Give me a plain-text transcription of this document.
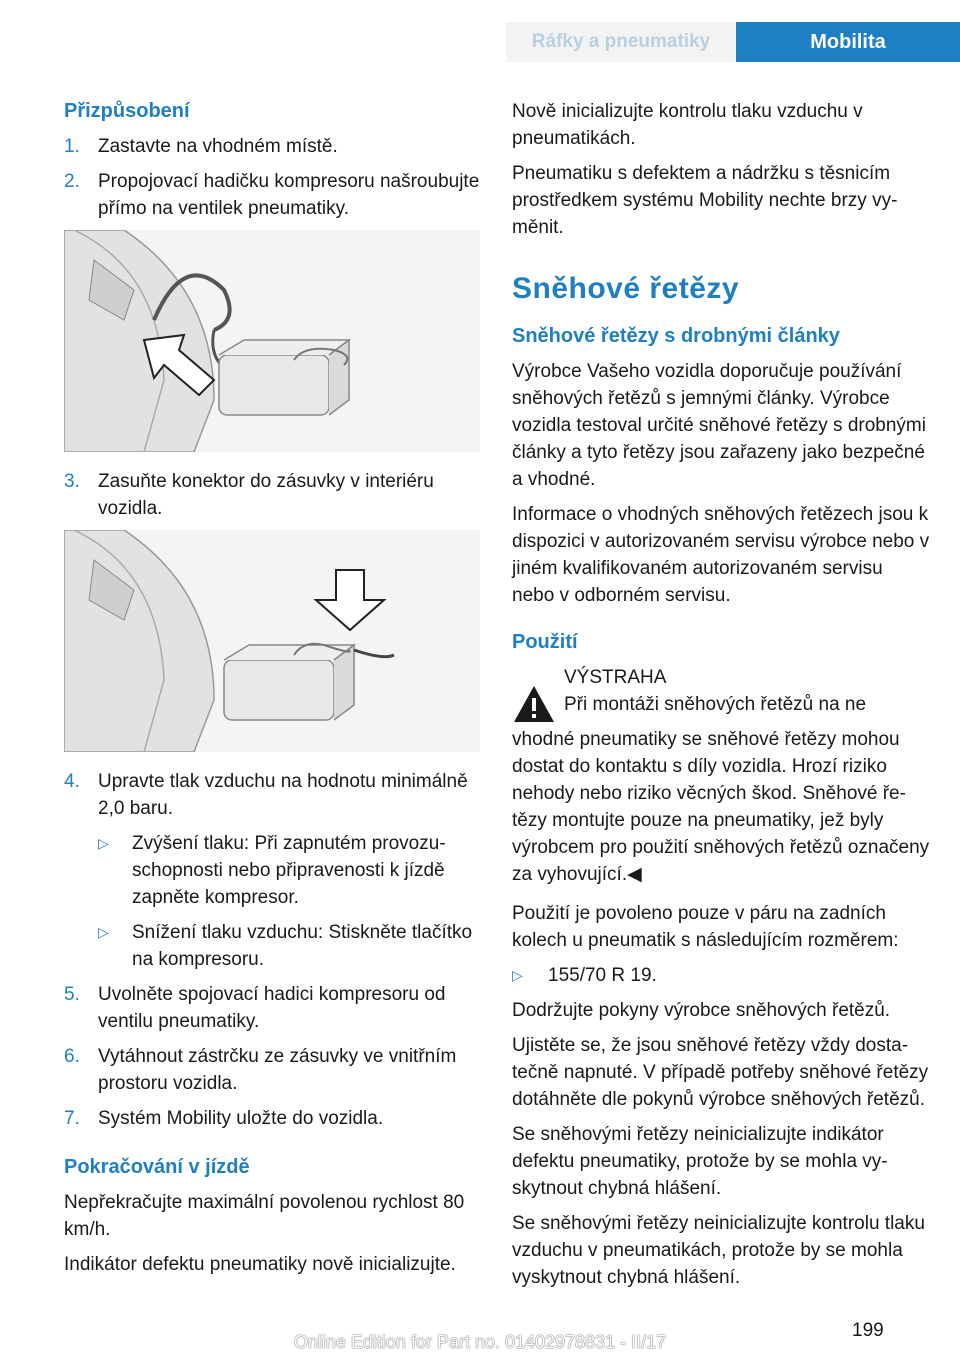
Ráfky a pneumatiky	Mobilita
Přizpůsobení
1. Zastavte na vhodném místě.
2. Propojovací hadičku kompresoru našroubujte přímo na ventilek pneumatiky.
3. Zasuňte konektor do zásuvky v interiéru vozidla.
4. Upravte tlak vzduchu na hodnotu minimálně 2,0 baru.
▷	Zvýšení tlaku: Při zapnutém provozuschopnosti nebo připravenosti k jízdě zapněte kompresor.
▷	Snížení tlaku vzduchu: Stiskněte tlačítko na kompresoru.
5. Uvolněte spojovací hadici kompresoru od ventilu pneumatiky.
6. Vytáhnout zástrčku ze zásuvky ve vnitřním prostoru vozidla.
7. Systém Mobility uložte do vozidla.
Pokračování v jízdě

Nepřekračujte maximální povolenou rychlost 80 km/h.

Indikátor defektu pneumatiky nově inicializujte.

Nově inicializujte kontrolu tlaku vzduchu v pneumatikách.

Pneumatiku s defektem a nádržku s těsnicím prostředkem systému Mobility nechte brzy vyměnit.

Sněhové řetězy
Sněhové řetězy s drobnými články

Výrobce Vašeho vozidla doporučuje používání sněhových řetězů s jemnými články. Výrobce vozidla testoval určité sněhové řetězy s drobnými články a tyto řetězy jsou zařazeny jako bezpečné a vhodné.

Informace o vhodných sněhových řetězech jsou k dispozici v autorizovaném servisu výrobce nebo v jiném kvalifikovaném autorizovaném servisu nebo v odborném servisu.

Použití
VÝSTRAHA
Při montáži sněhových řetězů na ne

vhodné pneumatiky se sněhové řetězy mohou dostat do kontaktu s díly vozidla. Hrozí riziko nehody nebo riziko věcných škod. Sněhové řetězy montujte pouze na pneumatiky, jež byly výrobcem pro použití sněhových řetězů označeny za vyhovující.◀

Použití je povoleno pouze v páru na zadních kolech u pneumatik s následujícím rozměrem:

▷	155/70 R 19.

Dodržujte pokyny výrobce sněhových řetězů.

Ujistěte se, že jsou sněhové řetězy vždy dostatečně napnuté. V případě potřeby sněhové řetězy dotáhněte dle pokynů výrobce sněhových řetězů.

Se sněhovými řetězy neinicializujte indikátor defektu pneumatiky, protože by se mohla vyskytnout chybná hlášení.

Se sněhovými řetězy neinicializujte kontrolu tlaku vzduchu v pneumatikách, protože by se mohla vyskytnout chybná hlášení.

199
Online Edition for Part no. 01402978831 - II/17
